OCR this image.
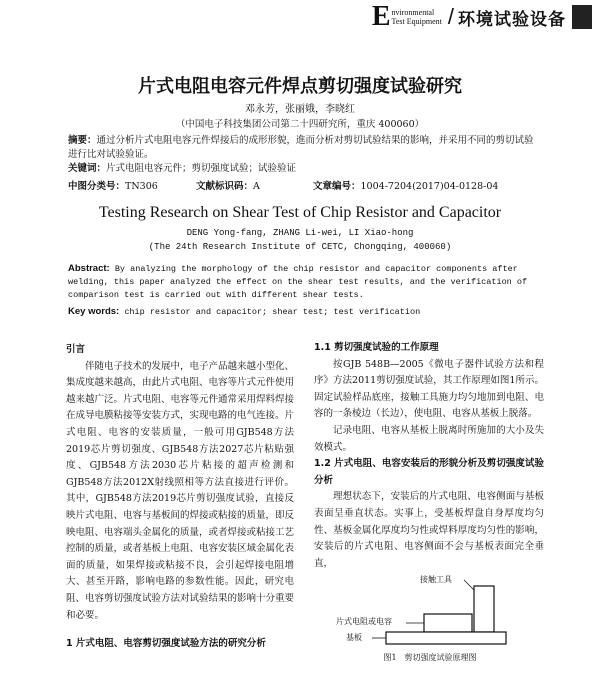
E nvironmental
Test Equipment / 环境试验设备
片式电阻电容元件焊点剪切强度试验研究
邓永芳，张丽娥，李晓红
（中国电子科技集团公司第二十四研究所，重庆 400060）
摘要：通过分析片式电阻电容元件焊接后的成形形貌，進而分析对剪切试验结果的影响，并采用不同的剪切试验进行比对试验验证。
关键词：片式电阻电容元件；剪切强度试验；试验验证
中图分类号：TN306	文献标识码：A	文章编号：1004-7204(2017)04-0128-04
Testing Research on Shear Test of Chip Resistor and Capacitor
DENG Yong-fang, ZHANG Li-wei, LI Xiao-hong
(The 24th Research Institute of CETC, Chongqing, 400060)
Abstract: By analyzing the morphology of the chip resistor and capacitor components after welding, this paper analyzed the effect on the shear test results, and the verification of comparison test is carried out with different shear tests.
Key words: chip resistor and capacitor; shear test; test verification
引言

伴随电子技术的发展中，电子产品越来越小型化、集成度越来越高，由此片式电阻、电容等片式元件使用越来越广泛。片式电阻、电容等元件通常采用焊料焊接在成导电膜粘接等安装方式，实现电路的电气连接。片式电阻、电容的安装质量，一般可用GJB548方法2019芯片剪切强度、GJB548方法2027芯片粘贴强度、GJB548方法2030芯片粘接的超声检测和GJB548方法2012X射线照相等方法直接进行评价。其中，GJB548方法2019芯片剪切强度试验，直接反映片式电阻、电容与基板间的焊接或粘接的质量，即反映电阻、电容端头金属化的质量，或者焊接或粘接工艺控制的质量，或者基板上电阻、电容安装区域金属化表面的质量，如果焊接或粘接不良，会引起焊接电阻增大、甚至开路，影响电路的参数性能。因此，研究电阻、电容剪切强度试验方法对试验结果的影响十分重要和必要。

1 片式电阻、电容剪切强度试验方法的研究分析
1.1 剪切强度试验的工作原理

按GJB 548B—2005《微电子器件试验方法和程序》方法2011剪切强度试验，其工作原理如图1所示。固定试验样品底座，接触工具施力均匀地加到电阻、电容的一条棱边（长边），使电阻、电容从基板上脱落。

记录电阻、电容从基板上脱离时所施加的大小及失效模式。

1.2 片式电阻、电容安装后的形貌分析及剪切强度试验分析

理想状态下，安装后的片式电阻、电容侧面与基板表面呈垂直状态。实事上，受基板焊盘自身厚度均匀性、基板金属化厚度均匀性或焊料厚度均匀性的影响，安装后的片式电阻、电容侧面不会与基板表面完全垂直，

接触工具
片式电阻或电容
基板
图1　剪切强度试验原理图
